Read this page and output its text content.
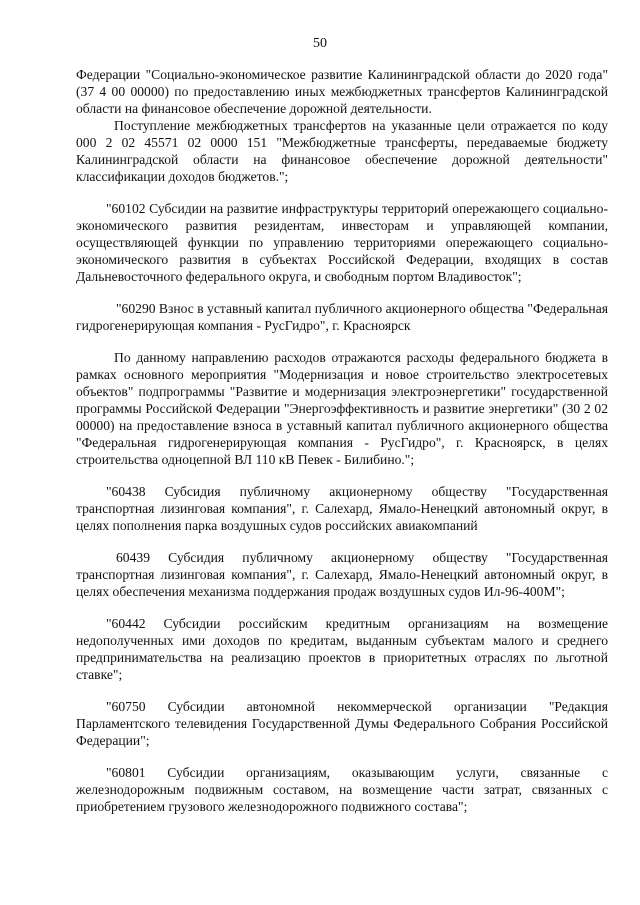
50

Федерации "Социально-экономическое развитие Калининградской области до 2020 года" (37 4 00 00000) по предоставлению иных межбюджетных трансфертов Калининградской области на финансовое обеспечение дорожной деятельности.

Поступление межбюджетных трансфертов на указанные цели отражается по коду 000 2 02 45571 02 0000 151 "Межбюджетные трансферты, передаваемые бюджету Калининградской области на финансовое обеспечение дорожной деятельности" классификации доходов бюджетов.";

"60102 Субсидии на развитие инфраструктуры территорий опережающего социально-экономического развития резидентам, инвесторам и управляющей компании, осуществляющей функции по управлению территориями опережающего социально-экономического развития в субъектах Российской Федерации, входящих в состав Дальневосточного федерального округа, и свободным портом Владивосток";

"60290 Взнос в уставный капитал публичного акционерного общества "Федеральная гидрогенерирующая компания - РусГидро", г. Красноярск

По данному направлению расходов отражаются расходы федерального бюджета в рамках основного мероприятия "Модернизация и новое строительство электросетевых объектов" подпрограммы "Развитие и модернизация электроэнергетики" государственной программы Российской Федерации "Энергоэффективность и развитие энергетики" (30 2 02 00000) на предоставление взноса в уставный капитал публичного акционерного общества "Федеральная гидрогенерирующая компания - РусГидро", г. Красноярск, в целях строительства одноцепной ВЛ 110 кВ Певек - Билибино.";

"60438 Субсидия публичному акционерному обществу "Государственная транспортная лизинговая компания", г. Салехард, Ямало-Ненецкий автономный округ, в целях пополнения парка воздушных судов российских авиакомпаний

60439 Субсидия публичному акционерному обществу "Государственная транспортная лизинговая компания", г. Салехард, Ямало-Ненецкий автономный округ, в целях обеспечения механизма поддержания продаж воздушных судов Ил-96-400М";

"60442 Субсидии российским кредитным организациям на возмещение недополученных ими доходов по кредитам, выданным субъектам малого и среднего предпринимательства на реализацию проектов в приоритетных отраслях по льготной ставке";

"60750 Субсидии автономной некоммерческой организации "Редакция Парламентского телевидения Государственной Думы Федерального Собрания Российской Федерации";

"60801 Субсидии организациям, оказывающим услуги, связанные с железнодорожным подвижным составом, на возмещение части затрат, связанных с приобретением грузового железнодорожного подвижного состава";
